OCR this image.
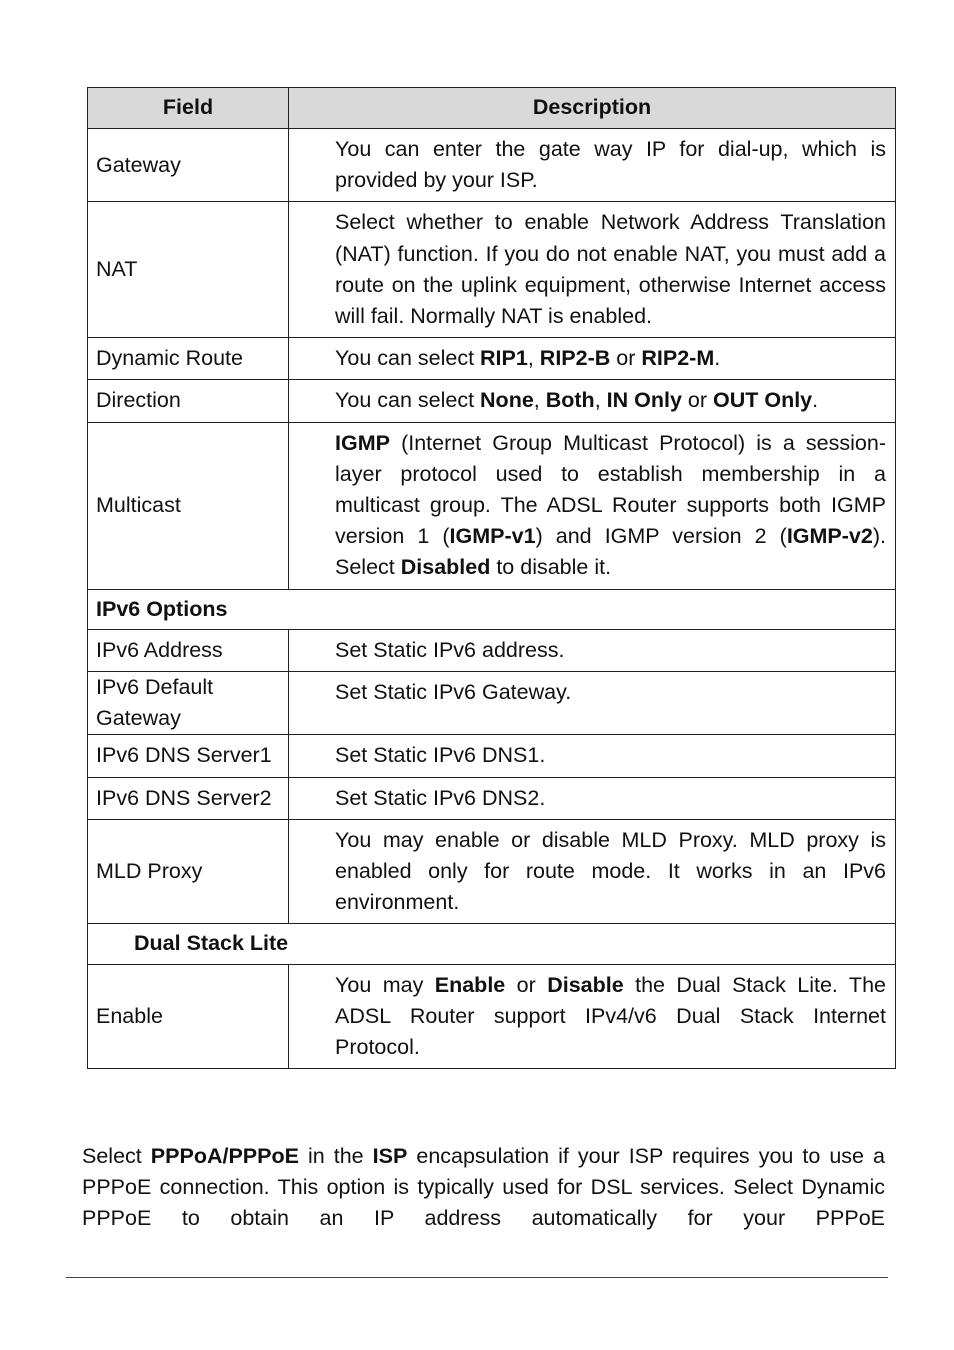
Field	Description
Gateway	You can enter the gate way IP for dial-up, which is provided by your ISP.
NAT	Select whether to enable Network Address Translation (NAT) function. If you do not enable NAT, you must add a route on the uplink equipment, otherwise Internet access will fail. Normally NAT is enabled.
Dynamic Route	You can select RIP1, RIP2-B or RIP2-M.
Direction	You can select None, Both, IN Only or OUT Only.
Multicast	IGMP (Internet Group Multicast Protocol) is a session-layer protocol used to establish membership in a multicast group. The ADSL Router supports both IGMP version 1 (IGMP-v1) and IGMP version 2 (IGMP-v2). Select Disabled to disable it.
IPv6 Options	
IPv6 Address	Set Static IPv6 address.
IPv6 Default Gateway	Set Static IPv6 Gateway.
IPv6 DNS Server1	Set Static IPv6 DNS1.
IPv6 DNS Server2	Set Static IPv6 DNS2.
MLD Proxy	You may enable or disable MLD Proxy. MLD proxy is enabled only for route mode. It works in an IPv6 environment.
Dual Stack Lite	
Enable	You may Enable or Disable the Dual Stack Lite. The ADSL Router support IPv4/v6 Dual Stack Internet Protocol.
Select PPPoA/PPPoE in the ISP encapsulation if your ISP requires you to use a PPPoE connection. This option is typically used for DSL services. Select Dynamic PPPoE to obtain an IP address automatically for your PPPoE
